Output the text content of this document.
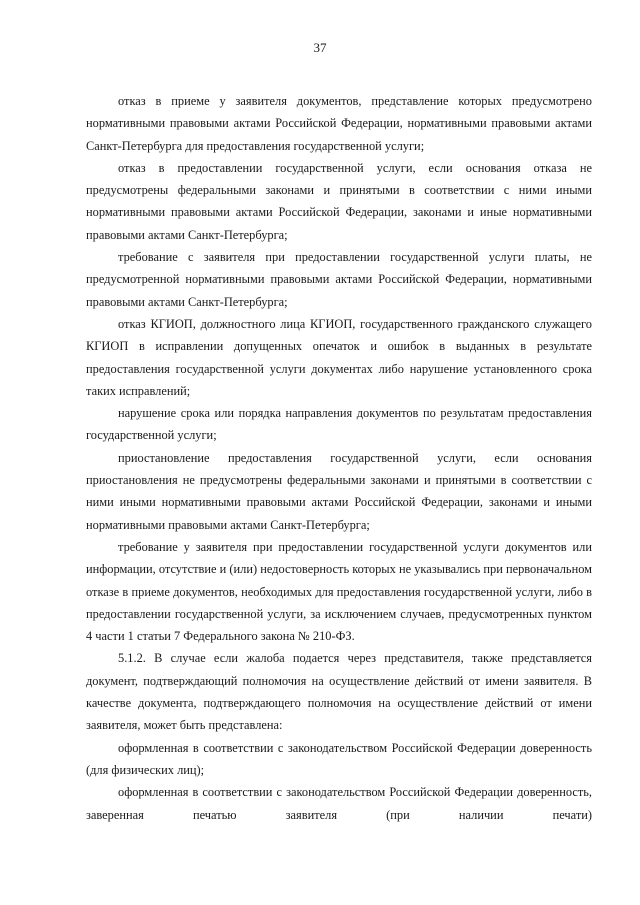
37

отказ в приеме у заявителя документов, представление которых предусмотрено нормативными правовыми актами Российской Федерации, нормативными правовыми актами Санкт-Петербурга для предоставления государственной услуги;

отказ в предоставлении государственной услуги, если основания отказа не предусмотрены федеральными законами и принятыми в соответствии с ними иными нормативными правовыми актами Российской Федерации, законами и иные нормативными правовыми актами Санкт-Петербурга;

требование с заявителя при предоставлении государственной услуги платы, не предусмотренной нормативными правовыми актами Российской Федерации, нормативными правовыми актами Санкт-Петербурга;

отказ КГИОП, должностного лица КГИОП, государственного гражданского служащего КГИОП в исправлении допущенных опечаток и ошибок в выданных в результате предоставления государственной услуги документах либо нарушение установленного срока таких исправлений;

нарушение срока или порядка направления документов по результатам предоставления государственной услуги;

приостановление предоставления государственной услуги, если основания приостановления не предусмотрены федеральными законами и принятыми в соответствии с ними иными нормативными правовыми актами Российской Федерации, законами и иными нормативными правовыми актами Санкт-Петербурга;

требование у заявителя при предоставлении государственной услуги документов или информации, отсутствие и (или) недостоверность которых не указывались при первоначальном отказе в приеме документов, необходимых для предоставления государственной услуги, либо в предоставлении государственной услуги, за исключением случаев, предусмотренных пунктом 4 части 1 статьи 7 Федерального закона № 210-ФЗ.

5.1.2. В случае если жалоба подается через представителя, также представляется документ, подтверждающий полномочия на осуществление действий от имени заявителя. В качестве документа, подтверждающего полномочия на осуществление действий от имени заявителя, может быть представлена:

оформленная в соответствии с законодательством Российской Федерации доверенность (для физических лиц);

оформленная в соответствии с законодательством Российской Федерации доверенность, заверенная печатью заявителя (при наличии печати)
